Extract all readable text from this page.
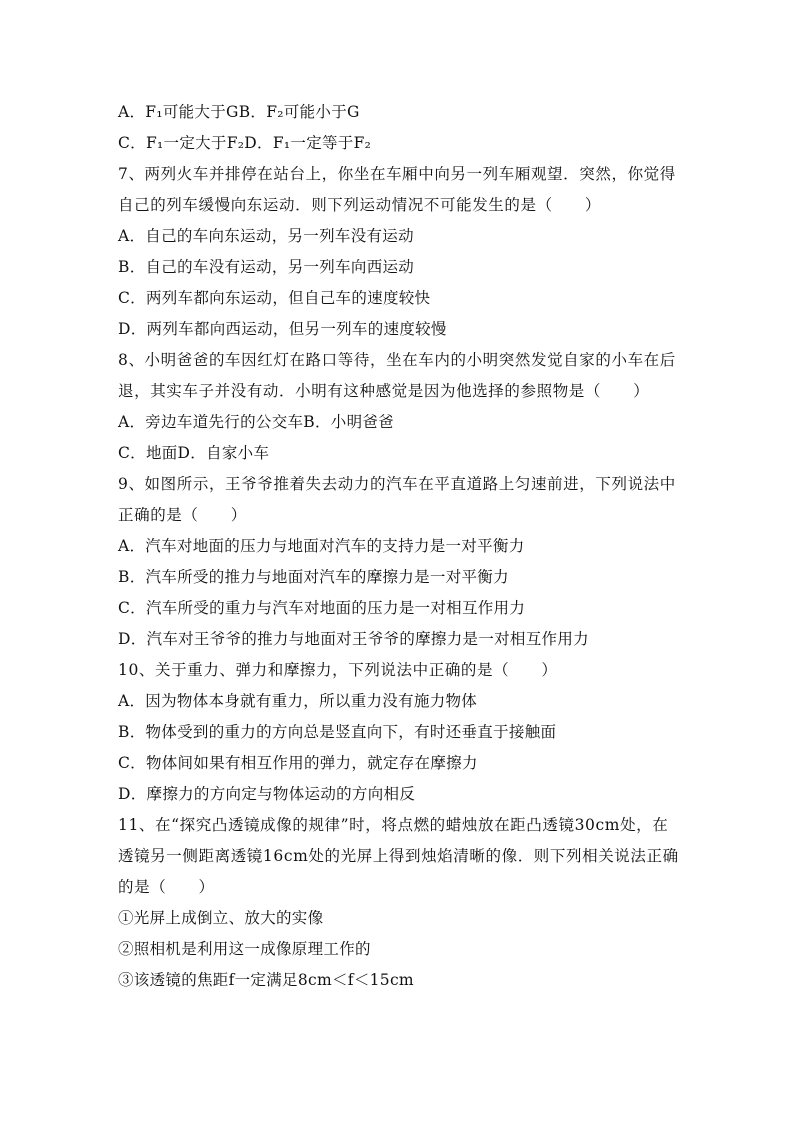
A．F₁可能大于GB．F₂可能小于G
C．F₁一定大于F₂D．F₁一定等于F₂
7、两列火车并排停在站台上，你坐在车厢中向另一列车厢观望．突然，你觉得
自己的列车缓慢向东运动．则下列运动情况不可能发生的是（　　）
A．自己的车向东运动，另一列车没有运动
B．自己的车没有运动，另一列车向西运动
C．两列车都向东运动，但自己车的速度较快
D．两列车都向西运动，但另一列车的速度较慢
8、小明爸爸的车因红灯在路口等待，坐在车内的小明突然发觉自家的小车在后
退，其实车子并没有动．小明有这种感觉是因为他选择的参照物是（　　）
A．旁边车道先行的公交车B．小明爸爸
C．地面D．自家小车
9、如图所示，王爷爷推着失去动力的汽车在平直道路上匀速前进，下列说法中
正确的是（　　）
A．汽车对地面的压力与地面对汽车的支持力是一对平衡力
B．汽车所受的推力与地面对汽车的摩擦力是一对平衡力
C．汽车所受的重力与汽车对地面的压力是一对相互作用力
D．汽车对王爷爷的推力与地面对王爷爷的摩擦力是一对相互作用力
10、关于重力、弹力和摩擦力，下列说法中正确的是（　　）
A．因为物体本身就有重力，所以重力没有施力物体
B．物体受到的重力的方向总是竖直向下，有时还垂直于接触面
C．物体间如果有相互作用的弹力，就定存在摩擦力
D．摩擦力的方向定与物体运动的方向相反
11、在“探究凸透镜成像的规律”时，将点燃的蜡烛放在距凸透镜30cm处，在
透镜另一侧距离透镜16cm处的光屏上得到烛焰清晰的像．则下列相关说法正确
的是（　　）
①光屏上成倒立、放大的实像
②照相机是利用这一成像原理工作的
③该透镜的焦距f一定满足8cm＜f＜15cm
